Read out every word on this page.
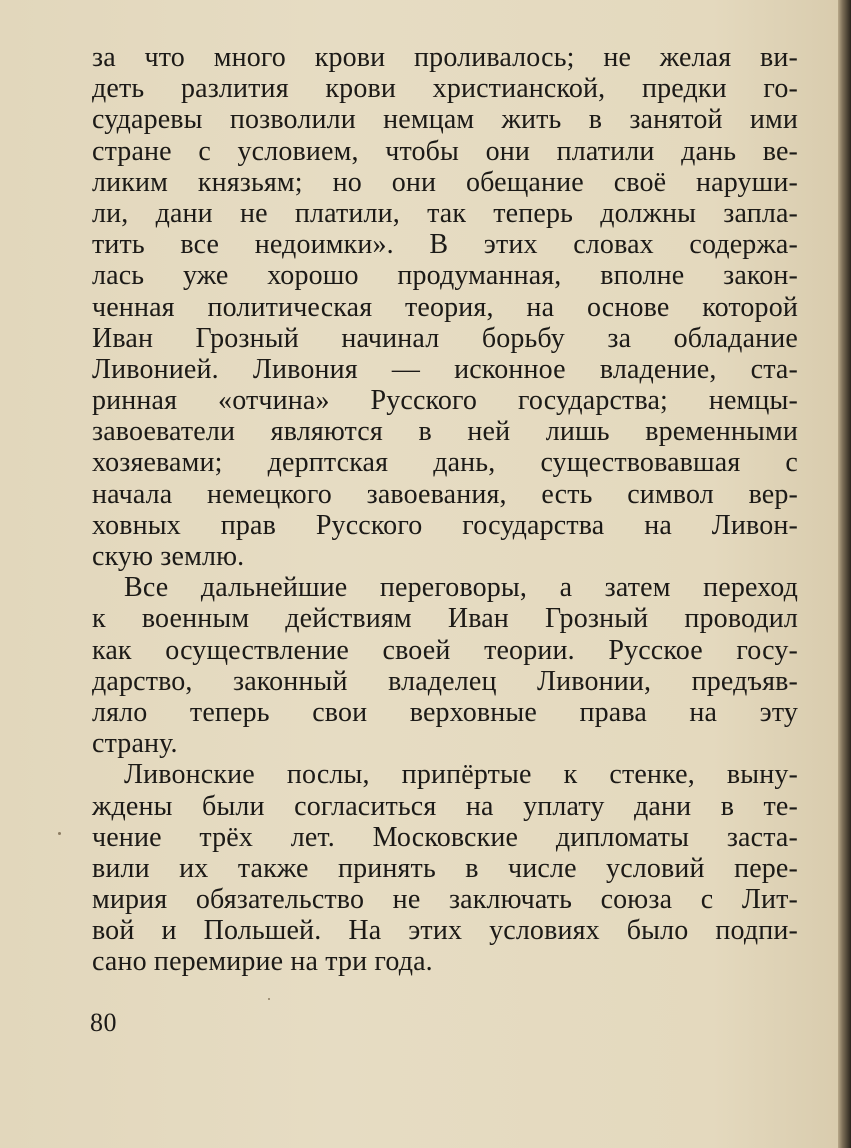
за что много крови проливалось; не желая ви-
деть разлития крови христианской, предки го-
сударевы позволили немцам жить в занятой ими
стране с условием, чтобы они платили дань ве-
ликим князьям; но они обещание своё наруши-
ли, дани не платили, так теперь должны запла-
тить все недоимки». В этих словах содержа-
лась уже хорошо продуманная, вполне закон-
ченная политическая теория, на основе которой
Иван Грозный начинал борьбу за обладание
Ливонией. Ливония — исконное владение, ста-
ринная «отчина» Русского государства; немцы-
завоеватели являются в ней лишь временными
хозяевами; дерптская дань, существовавшая с
начала немецкого завоевания, есть символ вер-
ховных прав Русского государства на Ливон-
скую землю.
Все дальнейшие переговоры, а затем переход
к военным действиям Иван Грозный проводил
как осуществление своей теории. Русское госу-
дарство, законный владелец Ливонии, предъяв-
ляло теперь свои верховные права на эту
страну.
Ливонские послы, припёртые к стенке, выну-
ждены были согласиться на уплату дани в те-
чение трёх лет. Московские дипломаты заста-
вили их также принять в числе условий пере-
мирия обязательство не заключать союза с Лит-
вой и Польшей. На этих условиях было подпи-
сано перемирие на три года.
80
